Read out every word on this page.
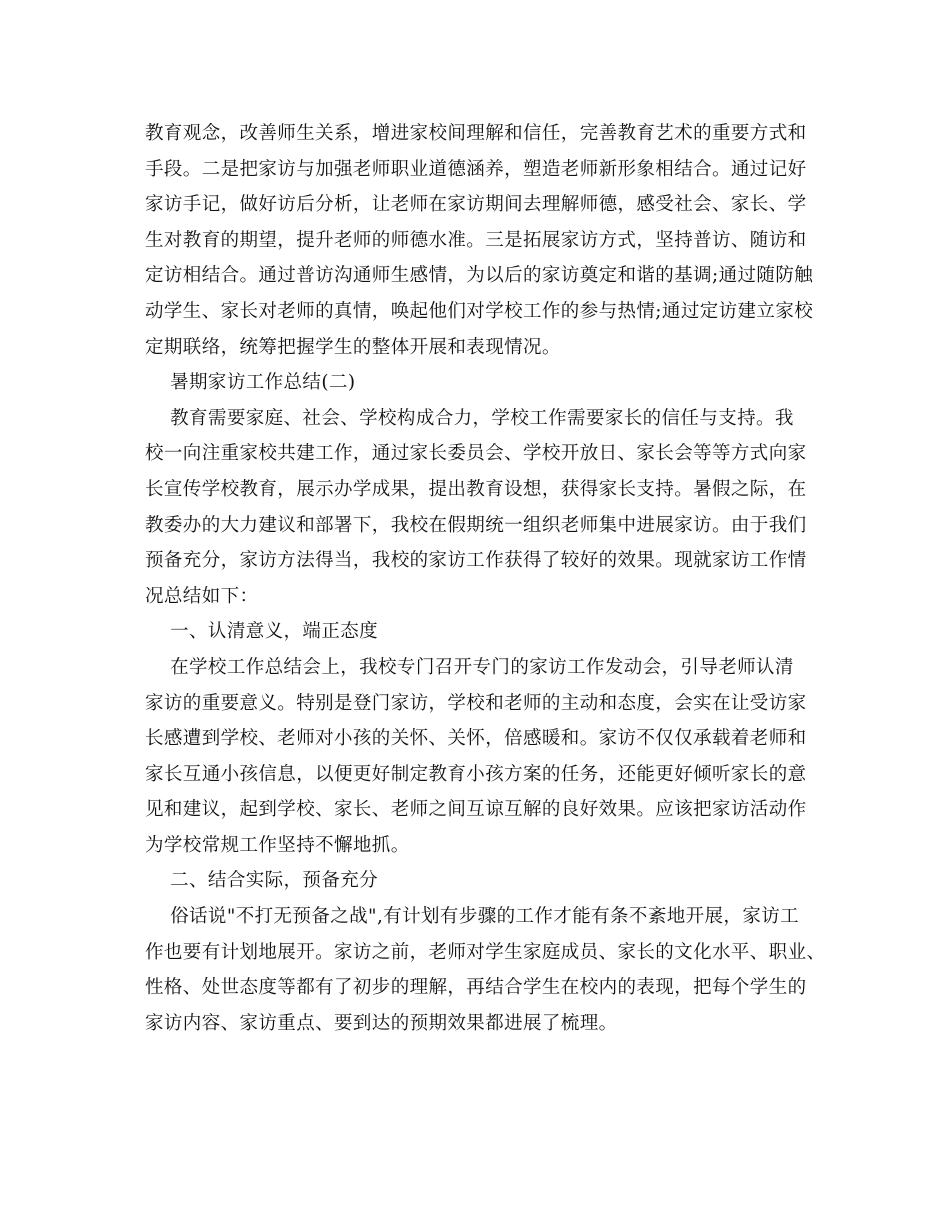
教育观念，改善师生关系，增进家校间理解和信任，完善教育艺术的重要方式和
手段。二是把家访与加强老师职业道德涵养，塑造老师新形象相结合。通过记好
家访手记，做好访后分析，让老师在家访期间去理解师德，感受社会、家长、学
生对教育的期望，提升老师的师德水准。三是拓展家访方式，坚持普访、随访和
定访相结合。通过普访沟通师生感情，为以后的家访奠定和谐的基调;通过随防触
动学生、家长对老师的真情，唤起他们对学校工作的参与热情;通过定访建立家校
定期联络，统筹把握学生的整体开展和表现情况。
暑期家访工作总结(二)
教育需要家庭、社会、学校构成合力，学校工作需要家长的信任与支持。我
校一向注重家校共建工作，通过家长委员会、学校开放日、家长会等等方式向家
长宣传学校教育，展示办学成果，提出教育设想，获得家长支持。暑假之际，在
教委办的大力建议和部署下，我校在假期统一组织老师集中进展家访。由于我们
预备充分，家访方法得当，我校的家访工作获得了较好的效果。现就家访工作情
况总结如下：
一、认清意义，端正态度
在学校工作总结会上，我校专门召开专门的家访工作发动会，引导老师认清
家访的重要意义。特别是登门家访，学校和老师的主动和态度，会实在让受访家
长感遭到学校、老师对小孩的关怀、关怀，倍感暖和。家访不仅仅承载着老师和
家长互通小孩信息，以便更好制定教育小孩方案的任务，还能更好倾听家长的意
见和建议，起到学校、家长、老师之间互谅互解的良好效果。应该把家访活动作
为学校常规工作坚持不懈地抓。
二、结合实际，预备充分
俗话说"不打无预备之战",有计划有步骤的工作才能有条不紊地开展，家访工
作也要有计划地展开。家访之前，老师对学生家庭成员、家长的文化水平、职业、
性格、处世态度等都有了初步的理解，再结合学生在校内的表现，把每个学生的
家访内容、家访重点、要到达的预期效果都进展了梳理。
